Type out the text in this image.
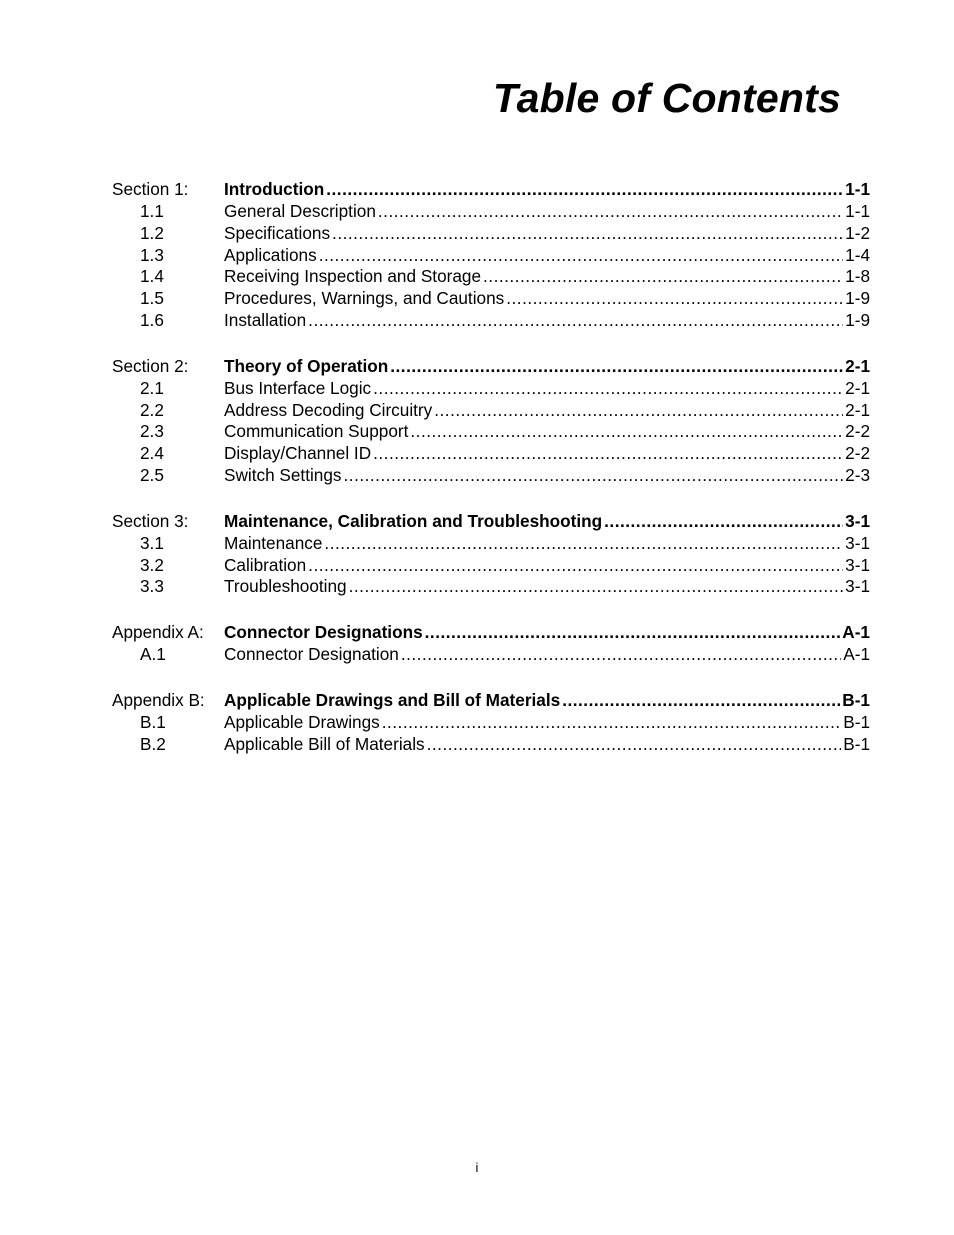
Table of Contents
Section 1:	Introduction .....	1-1
1.1	General Description .....	1-1
1.2	Specifications .....	1-2
1.3	Applications .....	1-4
1.4	Receiving Inspection and Storage .....	1-8
1.5	Procedures, Warnings, and Cautions .....	1-9
1.6	Installation .....	1-9
Section 2:	Theory of Operation .....	2-1
2.1	Bus Interface Logic .....	2-1
2.2	Address Decoding Circuitry .....	2-1
2.3	Communication Support .....	2-2
2.4	Display/Channel ID .....	2-2
2.5	Switch Settings .....	2-3
Section 3:	Maintenance, Calibration and Troubleshooting .....	3-1
3.1	Maintenance .....	3-1
3.2	Calibration .....	3-1
3.3	Troubleshooting .....	3-1
Appendix A:	Connector Designations .....	A-1
A.1	Connector Designation .....	A-1
Appendix B:	Applicable Drawings and Bill of Materials .....	B-1
B.1	Applicable Drawings .....	B-1
B.2	Applicable Bill of Materials .....	B-1
i
